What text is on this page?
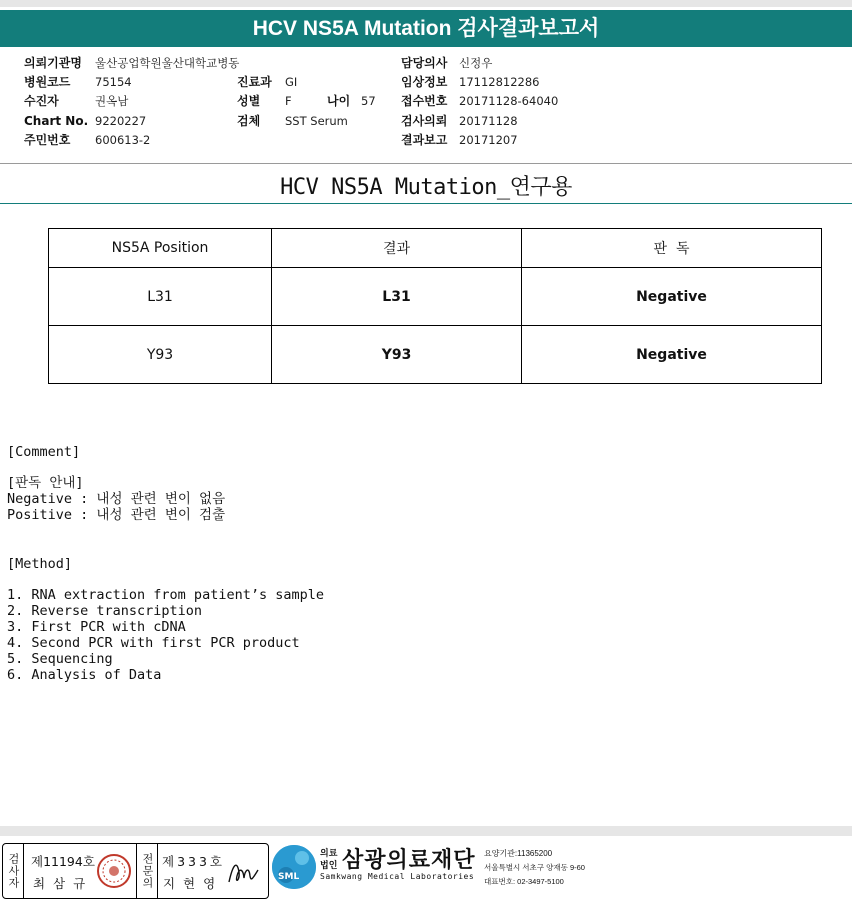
HCV NS5A Mutation 검사결과보고서
의뢰기관명 울산공업학원울산대학교병동
병원코드 75154
수진자	권옥남
Chart No. 9220227
주민번호 600613-2
진료과 GI
성별 F	나이 57
검체 SST Serum
담당의사 신정우
임상정보 17112812286
접수번호 20171128-64040
검사의뢰 20171128
결과보고 20171207
HCV NS5A Mutation_연구용
NS5A Position	결과	판  독
L31	L31	Negative
Y93	Y93	Negative
[Comment]
[판독 안내]
Negative : 내성 관련 변이 없음
Positive : 내성 관련 변이 검출
[Method]
1. RNA extraction from patient’s sample
2. Reverse transcription
3. First PCR with cDNA
4. Second PCR with first PCR product
5. Sequencing
6. Analysis of Data
검사자 제11194호
최 삼 규	전문의 제333호
지 현 영	SML
의료
법인 삼광의료재단
Samkwang Medical Laboratories
요양기관:11365200
서울특별시 서초구 양재동 9-60
대표번호: 02-3497-5100
